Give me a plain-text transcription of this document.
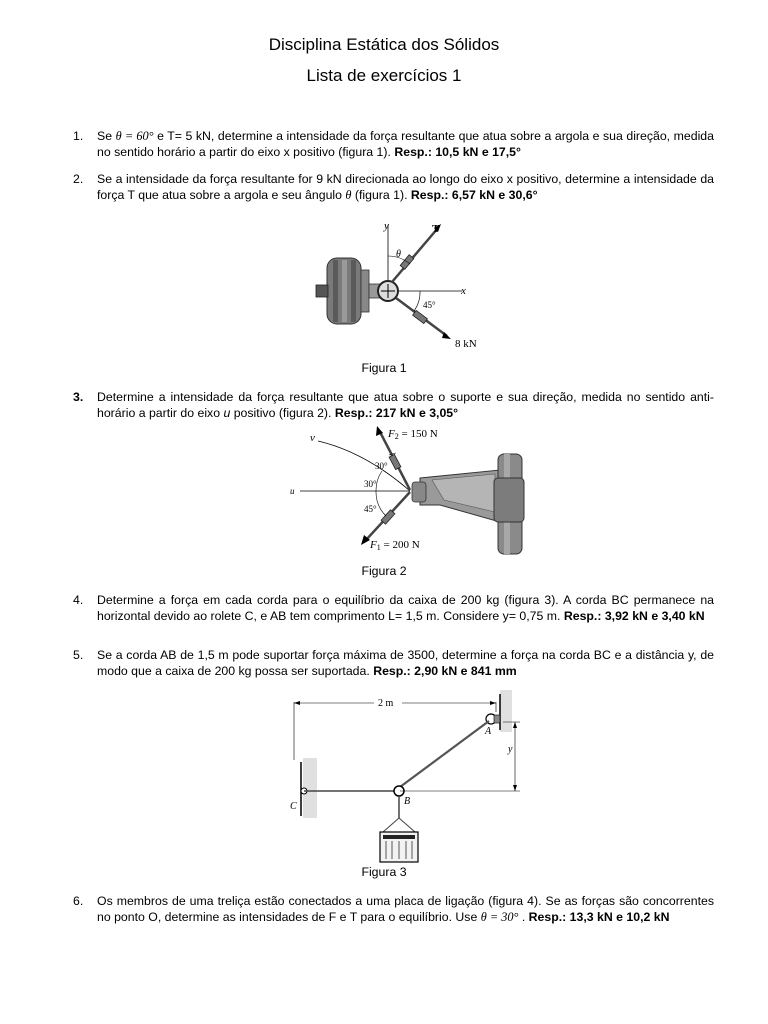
Disciplina Estática dos Sólidos
Lista de exercícios 1
1. Se θ = 60° e T= 5 kN, determine a intensidade da força resultante que atua sobre a argola e sua direção, medida no sentido horário a partir do eixo x positivo (figura 1). Resp.: 10,5 kN e 17,5°
2. Se a intensidade da força resultante for 9 kN direcionada ao longo do eixo x positivo, determine a intensidade da força T que atua sobre a argola e seu ângulo θ (figura 1). Resp.: 6,57 kN e 30,6°
y	T
θ
x
45°
8 kN
Figura 1
3. Determine a intensidade da força resultante que atua sobre o suporte e sua direção, medida no sentido anti-horário a partir do eixo u positivo (figura 2). Resp.: 217 kN e 3,05°
v
u
F2 = 150 N
30°
30°
45°
F1 = 200 N
Figura 2
4. Determine a força em cada corda para o equilíbrio da caixa de 200 kg (figura 3). A corda BC permanece na horizontal devido ao rolete C, e AB tem comprimento L= 1,5 m. Considere y= 0,75 m. Resp.: 3,92 kN e 3,40 kN
5. Se a corda AB de 1,5 m pode suportar força máxima de 3500, determine a força na corda BC e a distância y, de modo que a caixa de 200 kg possa ser suportada. Resp.: 2,90 kN e 841 mm
2 m
y
A
B
C
Figura 3
6. Os membros de uma treliça estão conectados a uma placa de ligação (figura 4). Se as forças são concorrentes no ponto O, determine as intensidades de F e T para o equilíbrio. Use θ = 30° . Resp.: 13,3 kN e 10,2 kN
